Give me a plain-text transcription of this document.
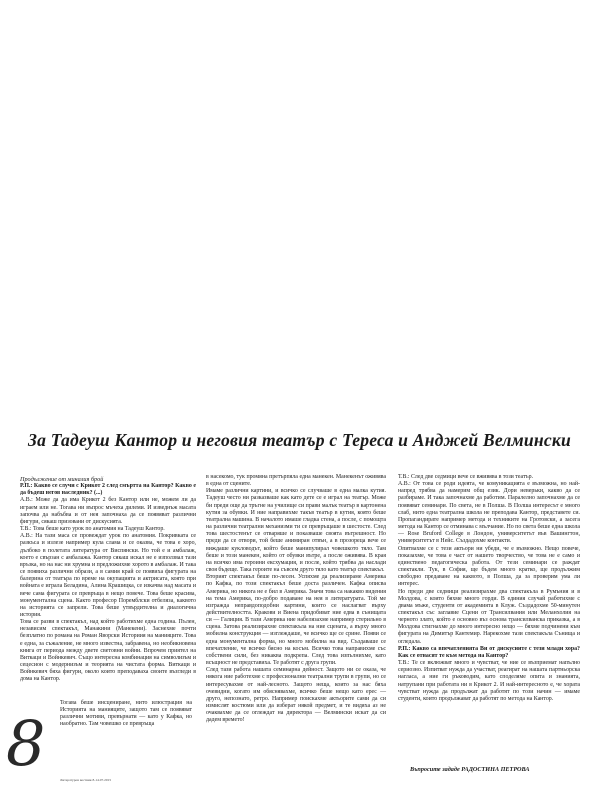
За Тадеуш Кантор и неговия театър с Тереса и Анджей Велмински

Продължение от миналия брой

Р.П.: Какво се случи с Крикот 2 след смъртта на Кантор? Какво е да бъдеш негов наследник? (...)

А.В.: Може да да има Крикот 2 без Кантор или не, можем ли да играем или не. Тогава ни въпрос мъчеха дилеми. И изведнъж масата започва да набъбва и от нея започнаха да се появяват различни фигури, сякаш призовани от дискусията.

Т.В.: Това беше като урок по анатомия на Тадеуш Кантор.

А.В.: На тази маса се провеждат урок по анатомия. Покривката се разкъса и излезе например кула слама и се оказва, че това е хоро, дълбоко в полетата литература от Виспянски. Но той е и амбалаж, което е свързан с амбалажа. Кантор сякаш искал не е използвал тази връзка, но на нас ни хрумна и предложихме хорото в амбалаж. И така се появиха различни образи, а в самия край се появиха фигурата на балерина от театъра по време на окупацията и актрисата, която при войната е играла Беладина, Алина Крашицка, се изкачва над масата и вече сама фигурата се превръща в нещо повече. Това беше красива, монументална сцена. Както професор Поремблски отбеляза, каквото на историята се запрели. Това беше утвърдителна и диалогична история.

Това се разви в спектакъл, над който работихме една година. Пълен, независим спектакъл, Манакини (Манекени). Заснехме почти безплатно по романа на Роман Яворски Историия на манияците. Това е една, за съжаление, не много известна, забравена, но необикновена книга от периода между двете световни войни. Впрочем приятел на Виткаци и Войнкевич. Също интересна комбинация на символизъм и сецесион с модернизъм и теорията на чистата форма. Виткаци и Войнкевич бяха фигури, около които преподаваха своите възгледи в дома на Кантор.

8
Тогава беше инсцениране, нито илюстрация на Историята на манияците, защото там се появяват различни мотиви, превърнати — като у Кафка, но наобратно. Там човешко се превръща
Литературен вестник 8-14.07.2015

в насекомо, тук промяна претърпяла една манекен. Манекенът оживява в една от сцените.

Имаме различни картини, и всичко се случваше в една малка кутия. Тадеуш често ни разказваше как като дете се е играл на театър. Може би преди още да тръгне на училище си прави малък театър в картонена кутия за обувки. И ние направихме такъв театър в кутия, която беше театрална машина. В началото имаше гладка стена, а после, с помощта на различни театрални механизми ти се превръщаше в шестосте. След това шестостенът се отваряше и показваше своята вътрешност. Но преди да се отвори, той беше анимиран отвън, а в прозореца вече се виждаше кукловодът, който беше манипулирал човешкото тяло. Там беше и този манекен, който от обувки вътре, а после оживява. В края на всичко има героини ексхумация, и после, който трябва да наслади своя бъдеще. Така героите на съвсем друго тяло като театър спектакъл.

Вторият спектакъл беше по-лесен. Успяхме да реализираме Америка по Кафка, по този спектакъл беше доста различен. Кафка описва Америка, но никога не е бил в Америка. Значи това са накакво видения на тема Америка, по-добро подаване на нея в литературата. Той ме изгражда неправдоподобни картини, които се наслагват върху действителността. Кракови и Виена придобиват ние едва в сънищата си — Галиция. В тази Америка ние набелязахме например стерильно в сцена. Затова реализирахме спектакъла на ние сцената, а върху много мобилна конструкция — изглеждаше, че всичко ще се срине. Появи се една монументална форма, но много мобилна на вид. Създаваше се впечатление, че всичко бясно на косъм. Всичко това направихме със собствени сили, без никаква подкрепа. След това изпълнихме, като всъщност не представиха. Те работят с друга групи.

След тази работа нашата семинарна дейност. Защото ни се оказа, че някога ние работехме с професионални театрални трупи в групи, но се интересувахме от най-лесното. Защото неща, които за нас бяха очевидни, когато им обяснявахме, всичко беше нещо като ерес — друго, непознато, ретро. Например поискахме актьорите сами да си измислят костюми или да изберат някой предмет, и те видяха аз не очаквахме да се оглеждат на директора — Велмински искат да си дадем времето!

Т.В.: След две седмици вече се вживява в този театър.

А.В.: От това се роди идеята, че комуникацията е възможна, но най-напред трябва да намерим общ език. Дори неверьки, какво да се разбираме. И така започнахме да работим. Паралелно започнахме да се появяват семинари. По света, не в Полша. В Полша интересът е много слаб, нито една театрална школа не преподава Кантор, представете си. Пропагандирате например метода и техниките на Гротовски, а засега метода на Кантор се отминава с мълчание. Но по света беше една школа — Rose Bruford College в Лондон, университетът във Вашингтон, университетът в Нейс. Създадохме контакти.

Опитвахме се с тези актьори ни убеди, че е възможно. Нещо повече, показахме, че това е част от нашето творчество, че това не е само и единствено педагогическа работа. От тези семинари се раждат спектакли. Тук, в София, ще бъдем много кратко, ще продължим свободно предаване на каквото, в Полша, да за проверим ума ли интерес.

Но преди две седмици реализирахме два спектакъла в Румъния и в Молдова, с които бяхме много горди. В единия случай работихме с двама мъже, студенти от академията в Клуж. Създадохме 50-минутен спектакъл със заглавие Сцени от Трансилвания или Меланхолия на черното злато, който е основно въз основа трансилванска приказка, а в Молдова стигнахме до много интересно нещо — бяхме подчинени към фигурата на Димитър Кантемир. Нарекохме тази спектакъла Сънища и огледала.

Р.П.: Какво са впечатленията Ви от дискусиите с тези млади хора? Как се отнасят те към метода на Кантор?

Т.В.: Те се вклюжват много и чувстват, че ние се възприемат напълно сериозно. Изпитват нужда да участват, реагират на нашата партньорска нагласа, а ние ги ръководим, като споделяме опита и знанията, натрупани при работата ни в Крикот 2. И най-интересното е, че хората чувстват нужда да продължат да работят по този начин — имаме студенти, които продължават да работят по метода на Кантор.

Въпросите зададе РАДОСТИНА ПЕТРОВА
